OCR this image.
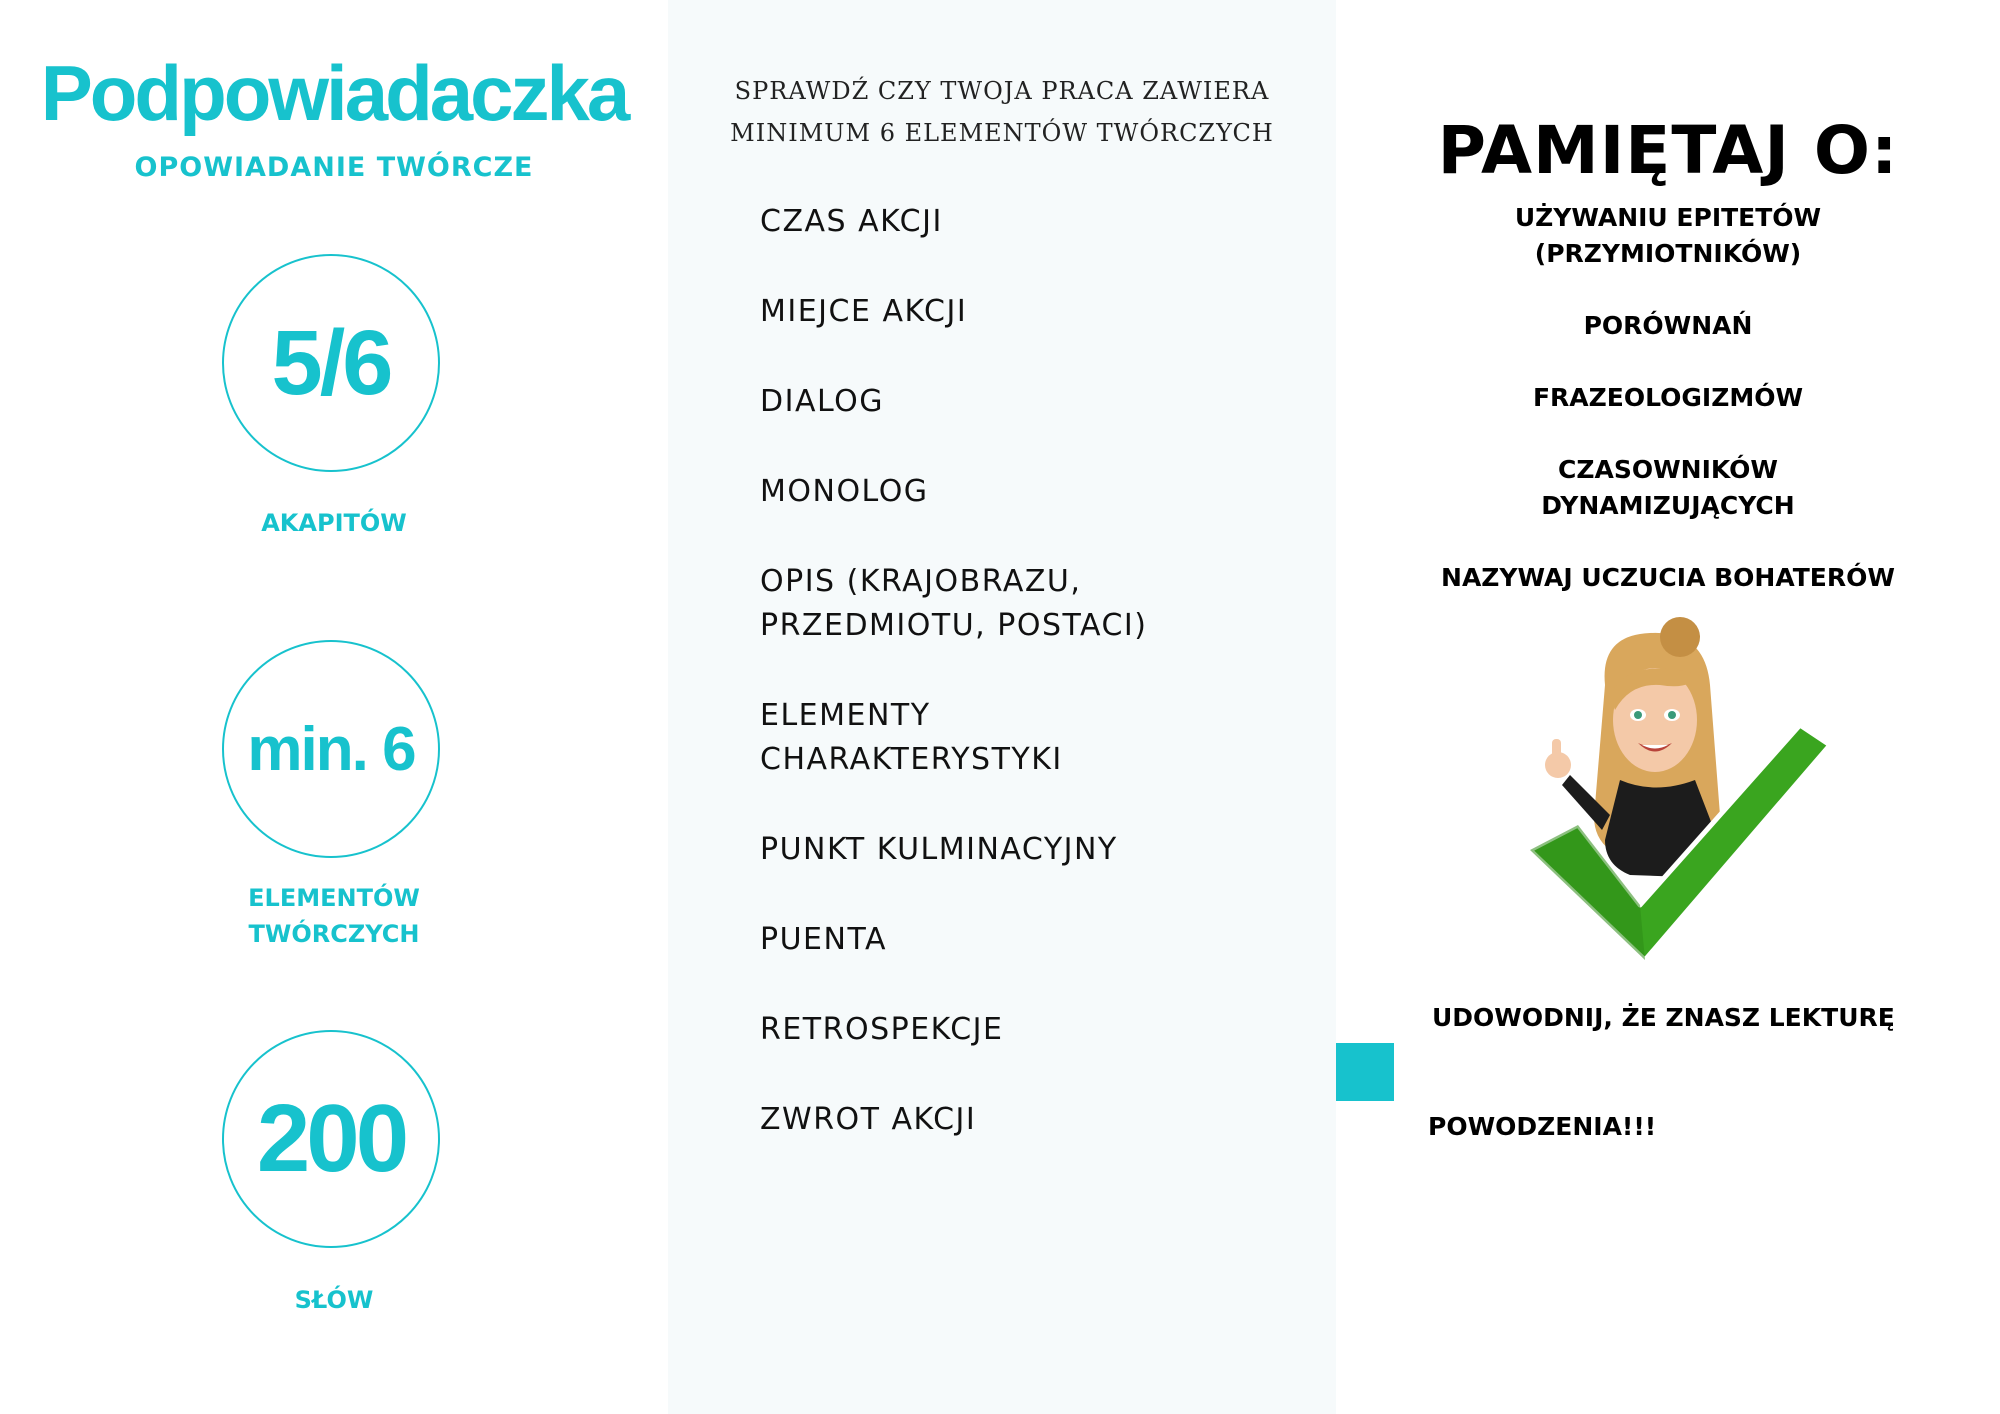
Podpowiadaczka
OPOWIADANIE TWÓRCZE
5/6
AKAPITÓW
min. 6
ELEMENTÓW
TWÓRCZYCH
200
SŁÓW
SPRAWDŹ CZY TWOJA PRACA ZAWIERA
MINIMUM 6 ELEMENTÓW TWÓRCZYCH
CZAS AKCJI
MIEJCE AKCJI
DIALOG
MONOLOG
OPIS (KRAJOBRAZU,
PRZEDMIOTU, POSTACI)
ELEMENTY
CHARAKTERYSTYKI
PUNKT KULMINACYJNY
PUENTA
RETROSPEKCJE
ZWROT AKCJI
PAMIĘTAJ O:
UŻYWANIU EPITETÓW
(PRZYMIOTNIKÓW)
PORÓWNAŃ
FRAZEOLOGIZMÓW
CZASOWNIKÓW
DYNAMIZUJĄCYCH
NAZYWAJ UCZUCIA BOHATERÓW
UDOWODNIJ, ŻE ZNASZ LEKTURĘ
POWODZENIA!!!
